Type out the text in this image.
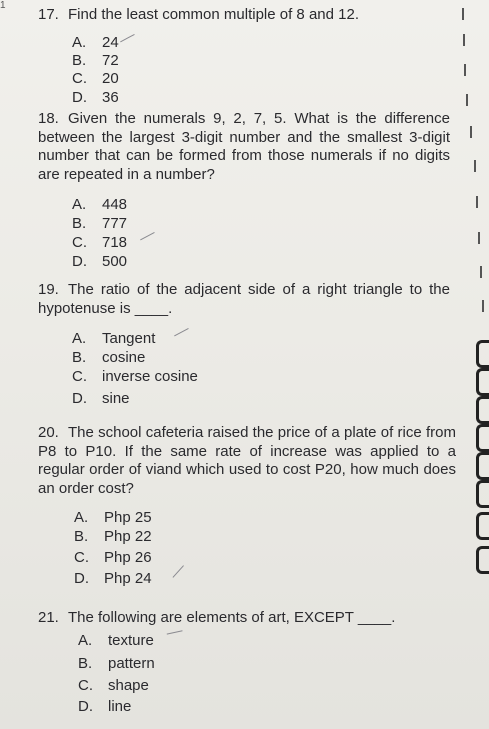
1
17. Find the least common multiple of 8 and 12.
A. 24
B. 72
C. 20
D. 36
18. Given the numerals 9, 2, 7, 5. What is the difference between the largest 3-digit number and the smallest 3-digit number that can be formed from those numerals if no digits are repeated in a number?
A. 448
B. 777
C. 718
D. 500
19. The ratio of the adjacent side of a right triangle to the hypotenuse is ____.
A. Tangent
B. cosine
C. inverse cosine
D. sine
20. The school cafeteria raised the price of a plate of rice from P8 to P10. If the same rate of increase was applied to a regular order of viand which used to cost P20, how much does an order cost?
A. Php 25
B. Php 22
C. Php 26
D. Php 24
21. The following are elements of art, EXCEPT ____.
A. texture
B. pattern
C. shape
D. line
